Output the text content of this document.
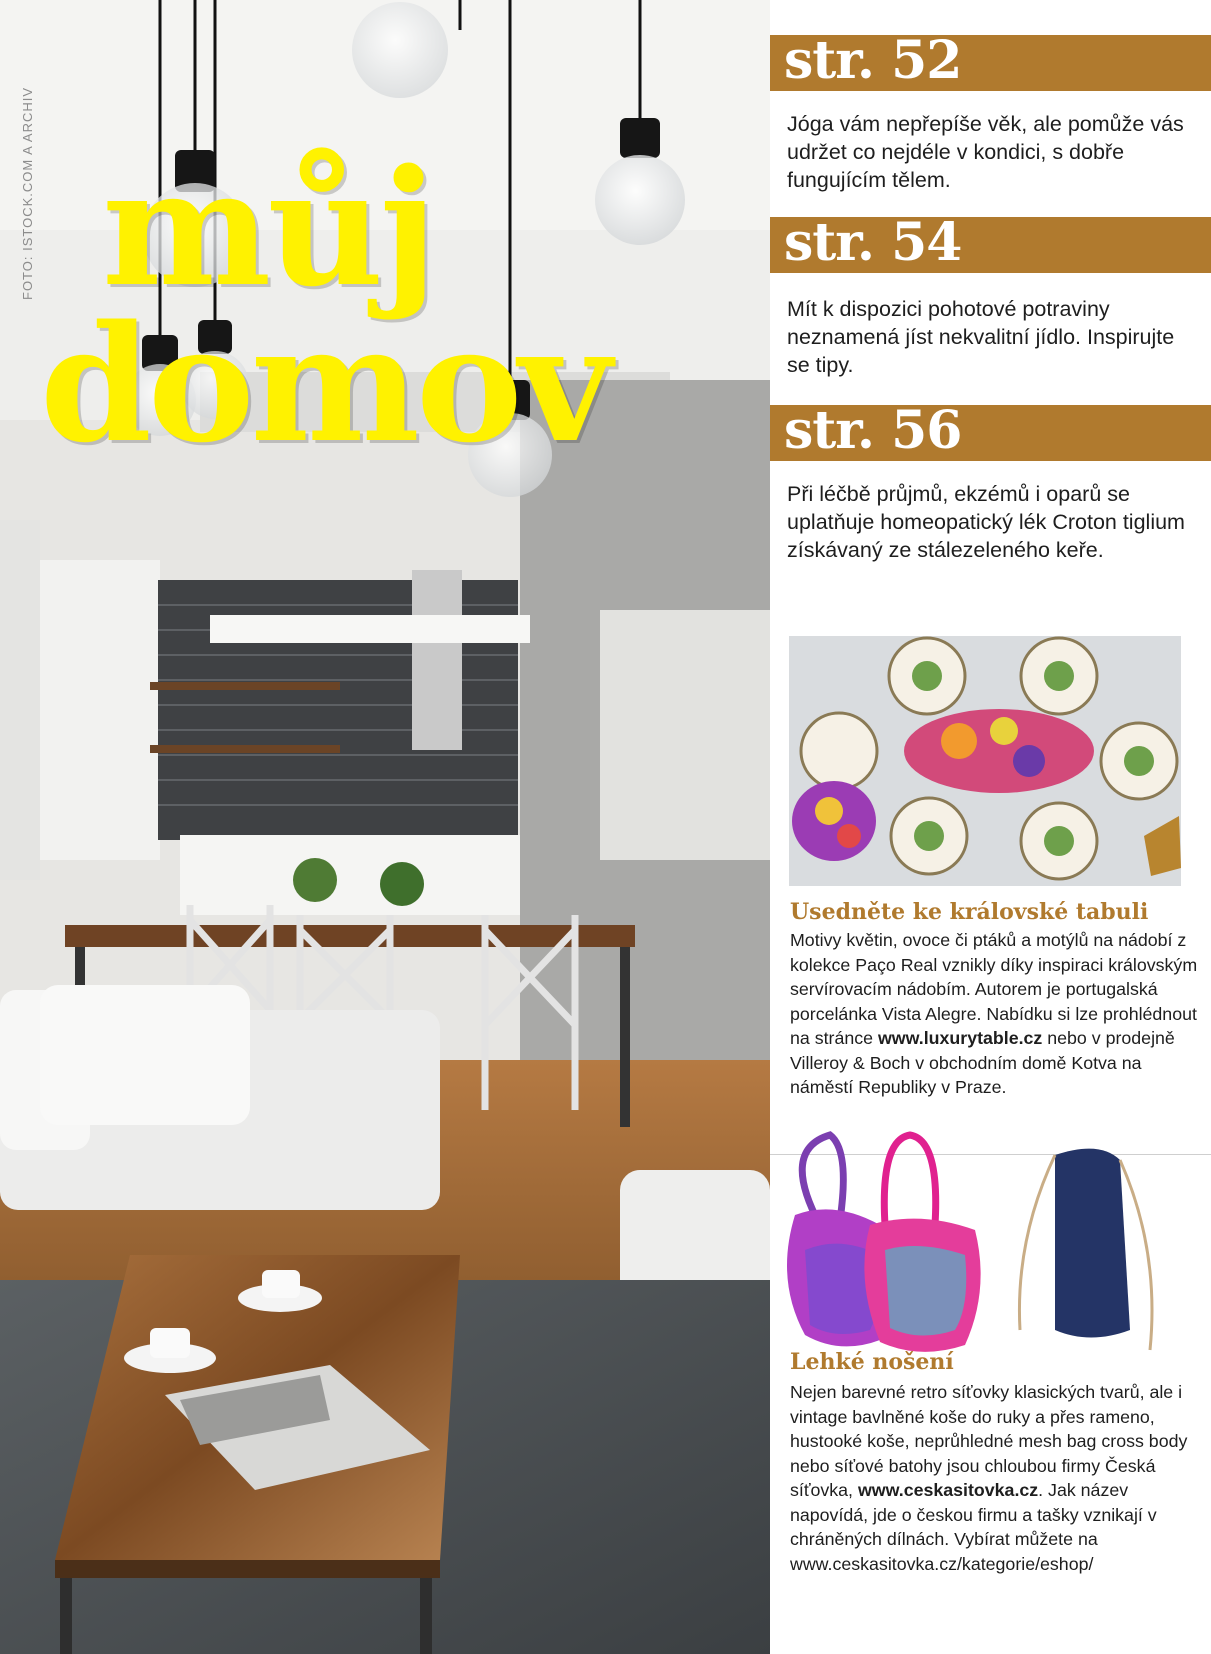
FOTO: ISTOCK.COM A ARCHIV můj
domov
str. 52

Jóga vám nepřepíše věk, ale pomůže vás udržet co nejdéle v kondici, s dobře fungujícím tělem.

str. 54

Mít k dispozici pohotové potraviny neznamená jíst nekvalitní jídlo. Inspirujte se tipy.

str. 56

Při léčbě průjmů, ekzémů i oparů se uplatňuje homeopatický lék Croton tiglium získávaný ze stálezeleného keře.

Usedněte ke královské tabuli

Motivy květin, ovoce či ptáků a motýlů na nádobí z kolekce Paço Real vznikly díky inspiraci královským servírovacím nádobím. Autorem je portugalská porcelánka Vista Alegre. Nabídku si lze prohlédnout na stránce www.luxurytable.cz nebo v prodejně Villeroy & Boch v obchodním domě Kotva na náměstí Republiky v Praze.

Lehké nošení

Nejen barevné retro síťovky klasických tvarů, ale i vintage bavlněné koše do ruky a přes rameno, hustooké koše, neprůhledné mesh bag cross body nebo síťové batohy jsou chloubou firmy Česká síťovka, www.ceskasitovka.cz. Jak název napovídá, jde o českou firmu a tašky vznikají v chráněných dílnách. Vybírat můžete na www.ceskasitovka.cz/kategorie/eshop/
